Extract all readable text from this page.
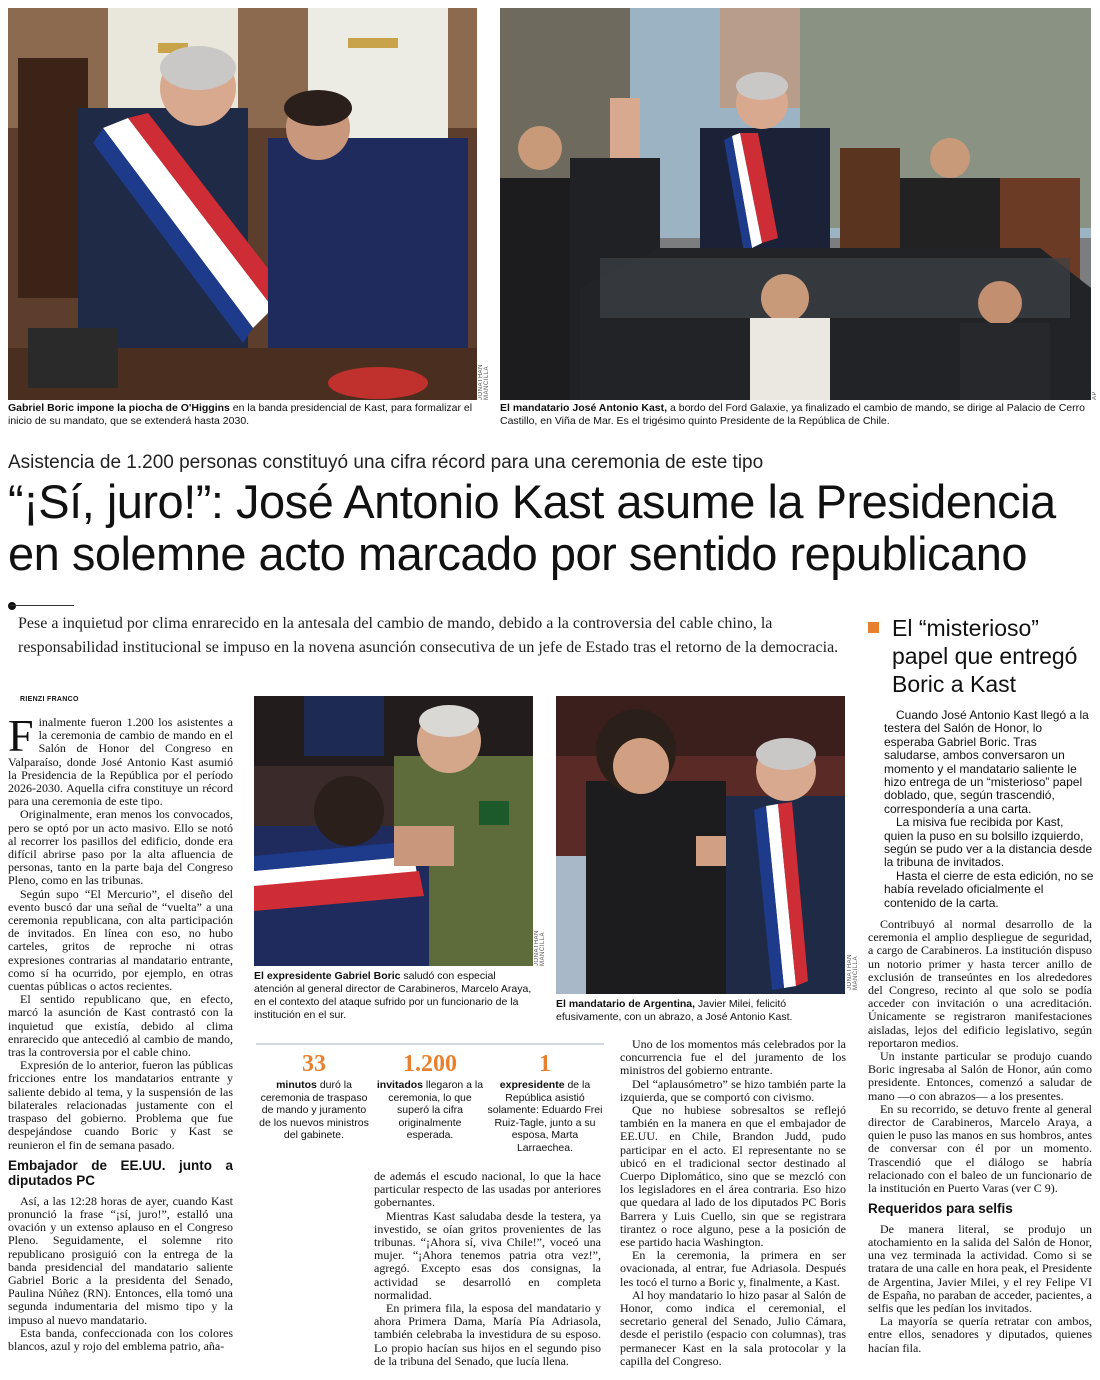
JONATHAN MANCILLA
Gabriel Boric impone la piocha de O'Higgins en la banda presidencial de Kast, para formalizar el inicio de su mandato, que se extenderá hasta 2030.
AP
El mandatario José Antonio Kast, a bordo del Ford Galaxie, ya finalizado el cambio de mando, se dirige al Palacio de Cerro Castillo, en Viña de Mar. Es el trigésimo quinto Presidente de la República de Chile.
Asistencia de 1.200 personas constituyó una cifra récord para una ceremonia de este tipo
“¡Sí, juro!”: José Antonio Kast asume la Presidencia en solemne acto marcado por sentido republicano
Pese a inquietud por clima enrarecido en la antesala del cambio de mando, debido a la controversia del cable chino, la responsabilidad institucional se impuso en la novena asunción consecutiva de un jefe de Estado tras el retorno de la democracia.
El “misterioso” papel que entregó Boric a Kast

Cuando José Antonio Kast llegó a la testera del Salón de Honor, lo esperaba Gabriel Boric. Tras saludarse, ambos conversaron un momento y el mandatario saliente le hizo entrega de un “misterioso” papel doblado, que, según trascendió, correspondería a una carta.

La misiva fue recibida por Kast, quien la puso en su bolsillo izquierdo, según se pudo ver a la distancia desde la tribuna de invitados.

Hasta el cierre de esta edición, no se había revelado oficialmente el contenido de la carta.

RIENZI FRANCO

Finalmente fueron 1.200 los asistentes a la ceremonia de cambio de mando en el Salón de Honor del Congreso en Valparaíso, donde José Antonio Kast asumió la Presidencia de la República por el período 2026-2030. Aquella cifra constituye un récord para una ceremonia de este tipo.

Originalmente, eran menos los convocados, pero se optó por un acto masivo. Ello se notó al recorrer los pasillos del edificio, donde era difícil abrirse paso por la alta afluencia de personas, tanto en la parte baja del Congreso Pleno, como en las tribunas.

Según supo “El Mercurio”, el diseño del evento buscó dar una señal de “vuelta” a una ceremonia republicana, con alta participación de invitados. En línea con eso, no hubo carteles, gritos de reproche ni otras expresiones contrarias al mandatario entrante, como sí ha ocurrido, por ejemplo, en otras cuentas públicas o actos recientes.

El sentido republicano que, en efecto, marcó la asunción de Kast contrastó con la inquietud que existía, debido al clima enrarecido que antecedió al cambio de mando, tras la controversia por el cable chino.

Expresión de lo anterior, fueron las públicas fricciones entre los mandatarios entrante y saliente debido al tema, y la suspensión de las bilaterales relacionadas justamente con el traspaso del gobierno. Problema que fue despejándose cuando Boric y Kast se reunieron el fin de semana pasado.

Embajador de EE.UU. junto a diputados PC

Así, a las 12:28 horas de ayer, cuando Kast pronunció la frase “¡sí, juro!”, estalló una ovación y un extenso aplauso en el Congreso Pleno. Seguidamente, el solemne rito republicano prosiguió con la entrega de la banda presidencial del mandatario saliente Gabriel Boric a la presidenta del Senado, Paulina Núñez (RN). Entonces, ella tomó una segunda indumentaria del mismo tipo y la impuso al nuevo mandatario.

Esta banda, confeccionada con los colores blancos, azul y rojo del emblema patrio, aña-

JONATHAN MANCILLA
El expresidente Gabriel Boric saludó con especial atención al general director de Carabineros, Marcelo Araya, en el contexto del ataque sufrido por un funcionario de la institución en el sur.
JONATHAN MANCILLA
El mandatario de Argentina, Javier Milei, felicitó efusivamente, con un abrazo, a José Antonio Kast.
33
minutos duró la ceremonia de traspaso de mando y juramento de los nuevos ministros del gabinete.
1.200
invitados llegaron a la ceremonia, lo que superó la cifra originalmente esperada.
1
expresidente de la República asistió solamente: Eduardo Frei Ruiz-Tagle, junto a su esposa, Marta Larraechea.

de además el escudo nacional, lo que la hace particular respecto de las usadas por anteriores gobernantes.

Mientras Kast saludaba desde la testera, ya investido, se oían gritos provenientes de las tribunas. “¡Ahora sí, viva Chile!”, voceó una mujer. “¡Ahora tenemos patria otra vez!”, agregó. Excepto esas dos consignas, la actividad se desarrolló en completa normalidad.

En primera fila, la esposa del mandatario y ahora Primera Dama, María Pía Adriasola, también celebraba la investidura de su esposo. Lo propio hacían sus hijos en el segundo piso de la tribuna del Senado, que lucía llena.

Uno de los momentos más celebrados por la concurrencia fue el del juramento de los ministros del gobierno entrante.

Del “aplausómetro” se hizo también parte la izquierda, que se comportó con civismo.

Que no hubiese sobresaltos se reflejó también en la manera en que el embajador de EE.UU. en Chile, Brandon Judd, pudo participar en el acto. El representante no se ubicó en el tradicional sector destinado al Cuerpo Diplomático, sino que se mezcló con los legisladores en el área contraria. Eso hizo que quedara al lado de los diputados PC Boris Barrera y Luis Cuello, sin que se registrara tirantez o roce alguno, pese a la posición de ese partido hacia Washington.

En la ceremonia, la primera en ser ovacionada, al entrar, fue Adriasola. Después les tocó el turno a Boric y, finalmente, a Kast.

Al hoy mandatario lo hizo pasar al Salón de Honor, como indica el ceremonial, el secretario general del Senado, Julio Cámara, desde el peristilo (espacio con columnas), tras permanecer Kast en la sala protocolar y la capilla del Congreso.

Contribuyó al normal desarrollo de la ceremonia el amplio despliegue de seguridad, a cargo de Carabineros. La institución dispuso un notorio primer y hasta tercer anillo de exclusión de transeúntes en los alrededores del Congreso, recinto al que solo se podía acceder con invitación o una acreditación. Únicamente se registraron manifestaciones aisladas, lejos del edificio legislativo, según reportaron medios.

Un instante particular se produjo cuando Boric ingresaba al Salón de Honor, aún como presidente. Entonces, comenzó a saludar de mano —o con abrazos— a los presentes.

En su recorrido, se detuvo frente al general director de Carabineros, Marcelo Araya, a quien le puso las manos en sus hombros, antes de conversar con él por un momento. Trascendió que el diálogo se habría relacionado con el baleo de un funcionario de la institución en Puerto Varas (ver C 9).

Requeridos para selfis

De manera literal, se produjo un atochamiento en la salida del Salón de Honor, una vez terminada la actividad. Como si se tratara de una calle en hora peak, el Presidente de Argentina, Javier Milei, y el rey Felipe VI de España, no paraban de acceder, pacientes, a selfis que les pedían los invitados.

La mayoría se quería retratar con ambos, entre ellos, senadores y diputados, quienes hacían fila.
